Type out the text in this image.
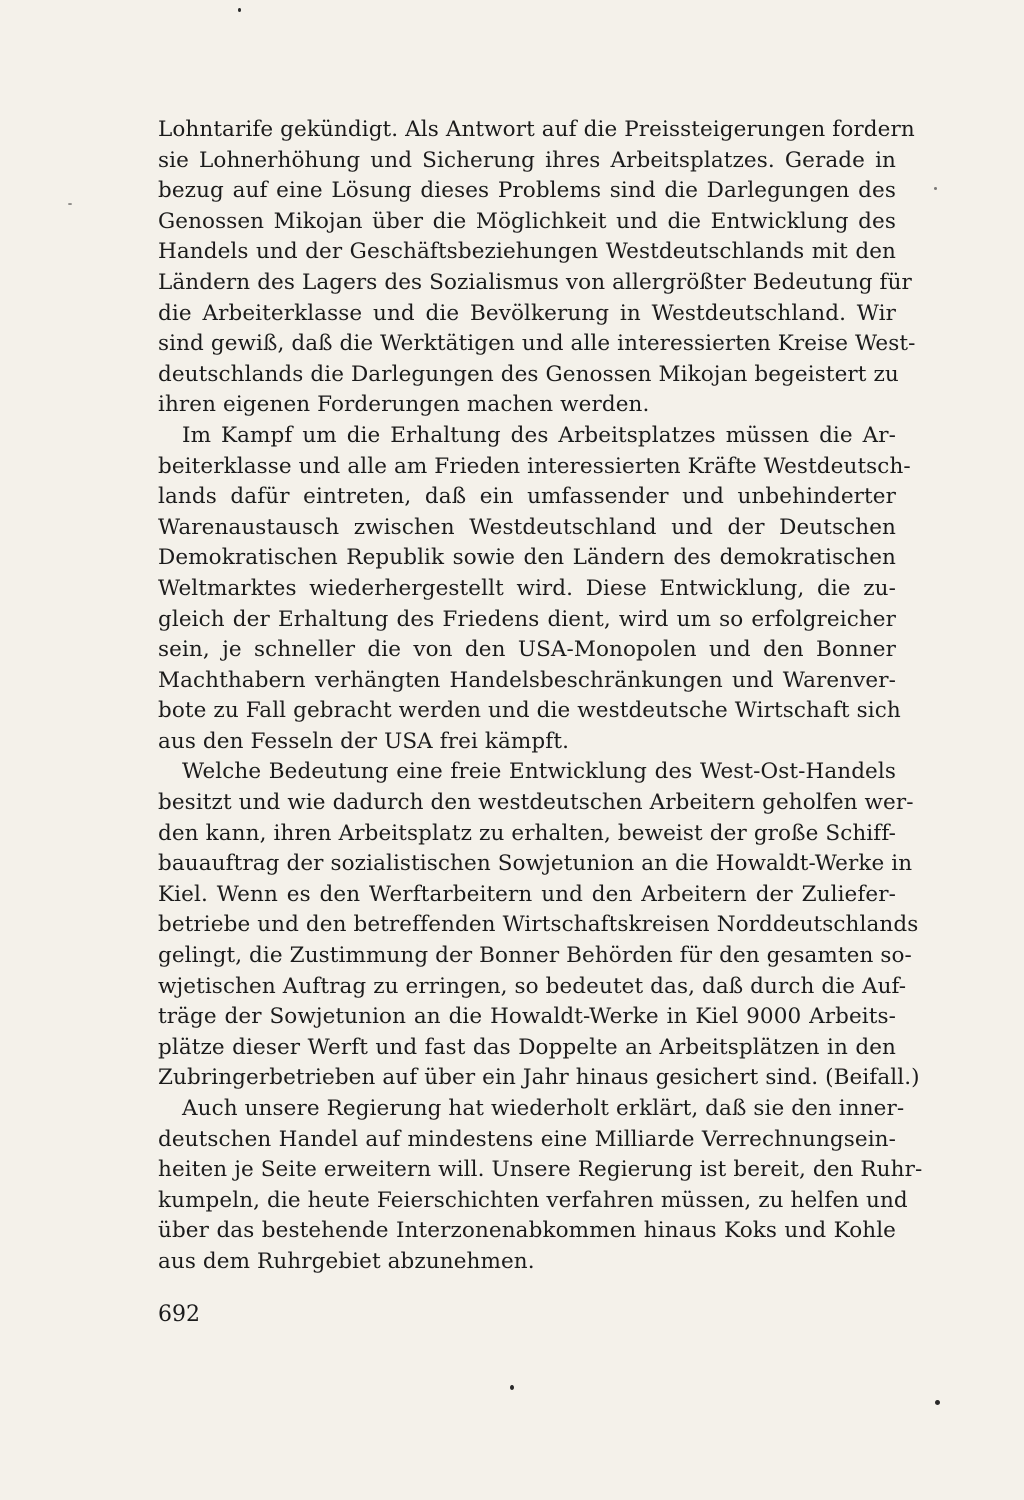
Lohntarife gekündigt. Als Antwort auf die Preissteigerungen fordern
sie Lohnerhöhung und Sicherung ihres Arbeitsplatzes. Gerade in
bezug auf eine Lösung dieses Problems sind die Darlegungen des
Genossen Mikojan über die Möglichkeit und die Entwicklung des
Handels und der Geschäftsbeziehungen Westdeutschlands mit den
Ländern des Lagers des Sozialismus von allergrößter Bedeutung für
die Arbeiterklasse und die Bevölkerung in Westdeutschland. Wir
sind gewiß, daß die Werktätigen und alle interessierten Kreise West-
deutschlands die Darlegungen des Genossen Mikojan begeistert zu
ihren eigenen Forderungen machen werden.
Im Kampf um die Erhaltung des Arbeitsplatzes müssen die Ar-
beiterklasse und alle am Frieden interessierten Kräfte Westdeutsch-
lands dafür eintreten, daß ein umfassender und unbehinderter
Warenaustausch zwischen Westdeutschland und der Deutschen
Demokratischen Republik sowie den Ländern des demokratischen
Weltmarktes wiederhergestellt wird. Diese Entwicklung, die zu-
gleich der Erhaltung des Friedens dient, wird um so erfolgreicher
sein, je schneller die von den USA-Monopolen und den Bonner
Machthabern verhängten Handelsbeschränkungen und Warenver-
bote zu Fall gebracht werden und die westdeutsche Wirtschaft sich
aus den Fesseln der USA frei kämpft.
Welche Bedeutung eine freie Entwicklung des West-Ost-Handels
besitzt und wie dadurch den westdeutschen Arbeitern geholfen wer-
den kann, ihren Arbeitsplatz zu erhalten, beweist der große Schiff-
bauauftrag der sozialistischen Sowjetunion an die Howaldt-Werke in
Kiel. Wenn es den Werftarbeitern und den Arbeitern der Zuliefer-
betriebe und den betreffenden Wirtschaftskreisen Norddeutschlands
gelingt, die Zustimmung der Bonner Behörden für den gesamten so-
wjetischen Auftrag zu erringen, so bedeutet das, daß durch die Auf-
träge der Sowjetunion an die Howaldt-Werke in Kiel 9000 Arbeits-
plätze dieser Werft und fast das Doppelte an Arbeitsplätzen in den
Zubringerbetrieben auf über ein Jahr hinaus gesichert sind. (Beifall.)
Auch unsere Regierung hat wiederholt erklärt, daß sie den inner-
deutschen Handel auf mindestens eine Milliarde Verrechnungsein-
heiten je Seite erweitern will. Unsere Regierung ist bereit, den Ruhr-
kumpeln, die heute Feierschichten verfahren müssen, zu helfen und
über das bestehende Interzonenabkommen hinaus Koks und Kohle
aus dem Ruhrgebiet abzunehmen.
692
